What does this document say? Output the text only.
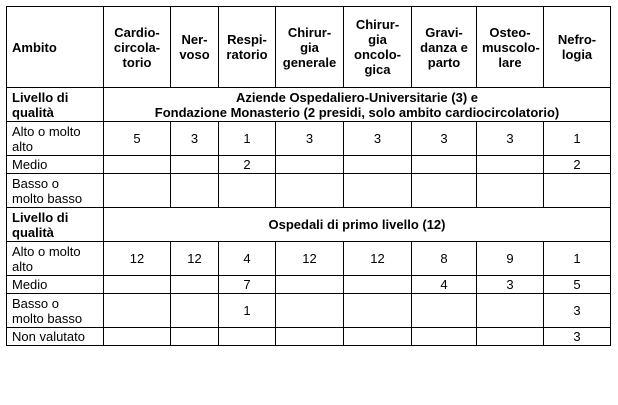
Ambito	Cardio-
circola-
torio	Ner-
voso	Respi-
ratorio	Chirur-
gia
generale	Chirur-
gia
oncolo-
gica	Gravi-
danza e
parto	Osteo-
muscolo-
lare	Nefro-
logia
Livello di
qualità	Aziende Ospedaliero-Universitarie (3) e
Fondazione Monasterio (2 presidi, solo ambito cardiocircolatorio)							
Alto o molto
alto	5	3	1	3	3	3	3	1
Medio			2					2
Basso o
molto basso								
Livello di
qualità	Ospedali di primo livello (12)							
Alto o molto
alto	12	12	4	12	12	8	9	1
Medio			7			4	3	5
Basso o
molto basso			1					3
Non valutato								3
